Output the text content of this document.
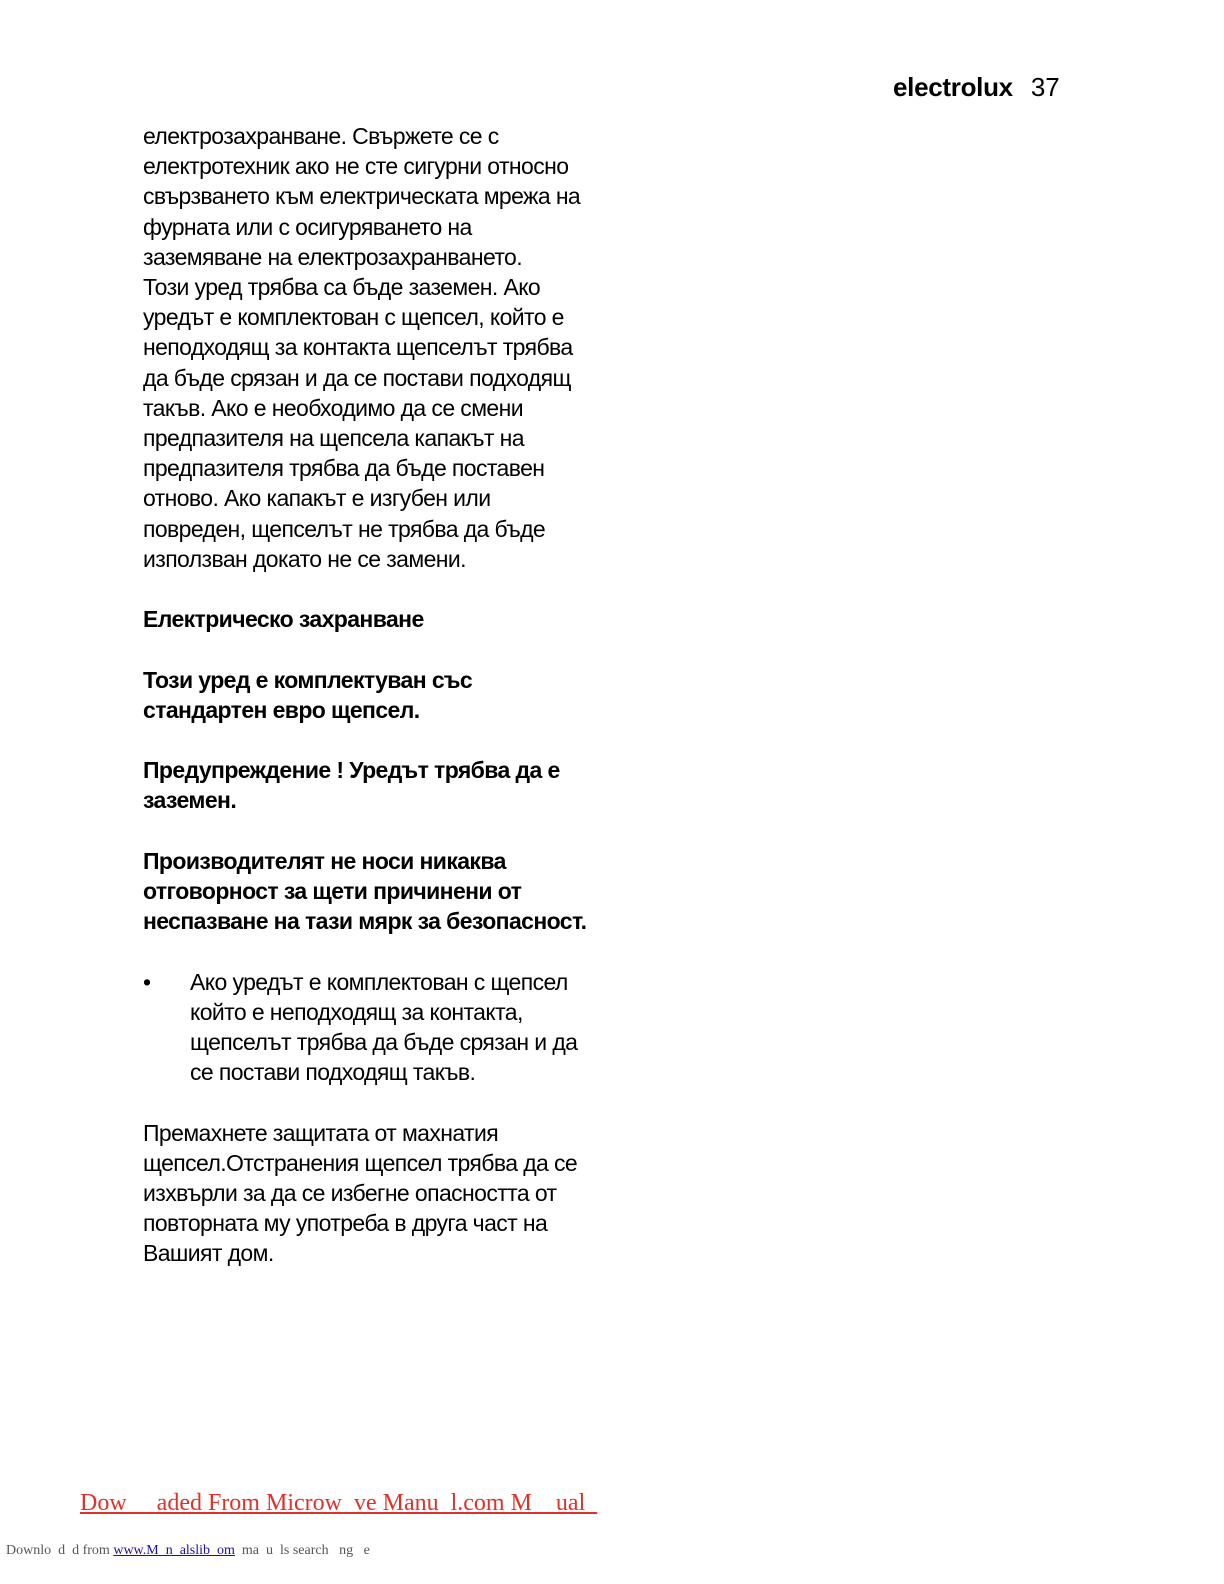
electrolux 37

електрозахранване. Свържете се с

електротехник ако не сте сигурни относно

свързването към електрическата мрежа на

фурната или с осигуряването на

заземяване на електрозахранването.

Този уред трябва са бъде заземен. Ако

уредът е комплектован с щепсел, който е

неподходящ за контакта щепселът трябва

да бъде срязан и да се постави подходящ

такъв. Ако е необходимо да се смени

предпазителя на щепсела капакът на

предпазителя трябва да бъде поставен

отново. Ако капакът е изгубен или

повреден, щепселът не трябва да бъде

използван докато не се замени.

Електрическо захранване

Този уред е комплектуван със

стандартен евро щепсел.

Предупреждение ! Уредът трябва да е

заземен.

Производителят не носи никаква

отговорност за щети причинени от

неспазване на тази мярк за безопасност.

• Ако уредът е комплектован с щепсел

който е неподходящ за контакта,

щепселът трябва да бъде срязан и да

се постави подходящ такъв.

Премахнете защитата от махнатия

щепсел.Отстранения щепсел трябва да се

изхвърли за да се избегне опасността от

повторната му употреба в друга част на

Вашият дом.

Dow     aded From Microw  ve Manu  l.com M    ual
Downlo  d  d from www.M  n  alslib  om  ma  u  ls search   ng   e
